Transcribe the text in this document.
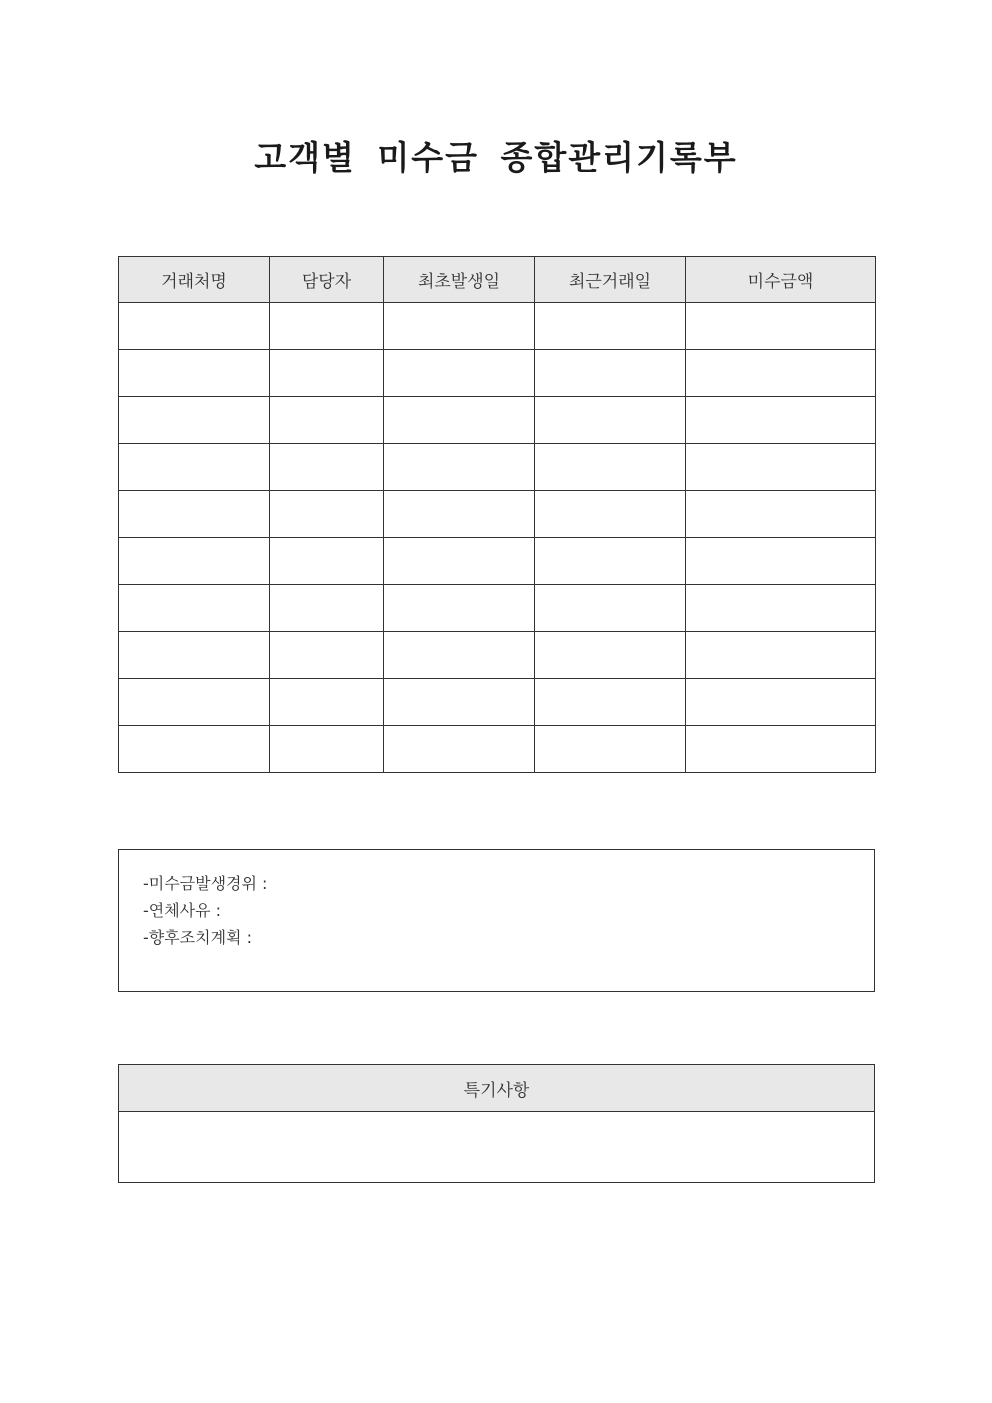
고객별 미수금 종합관리기록부
거래처명	담당자	최초발생일	최근거래일	미수금액

-미수금발생경위 :
-연체사유 :
-향후조치계획 :
특기사항
